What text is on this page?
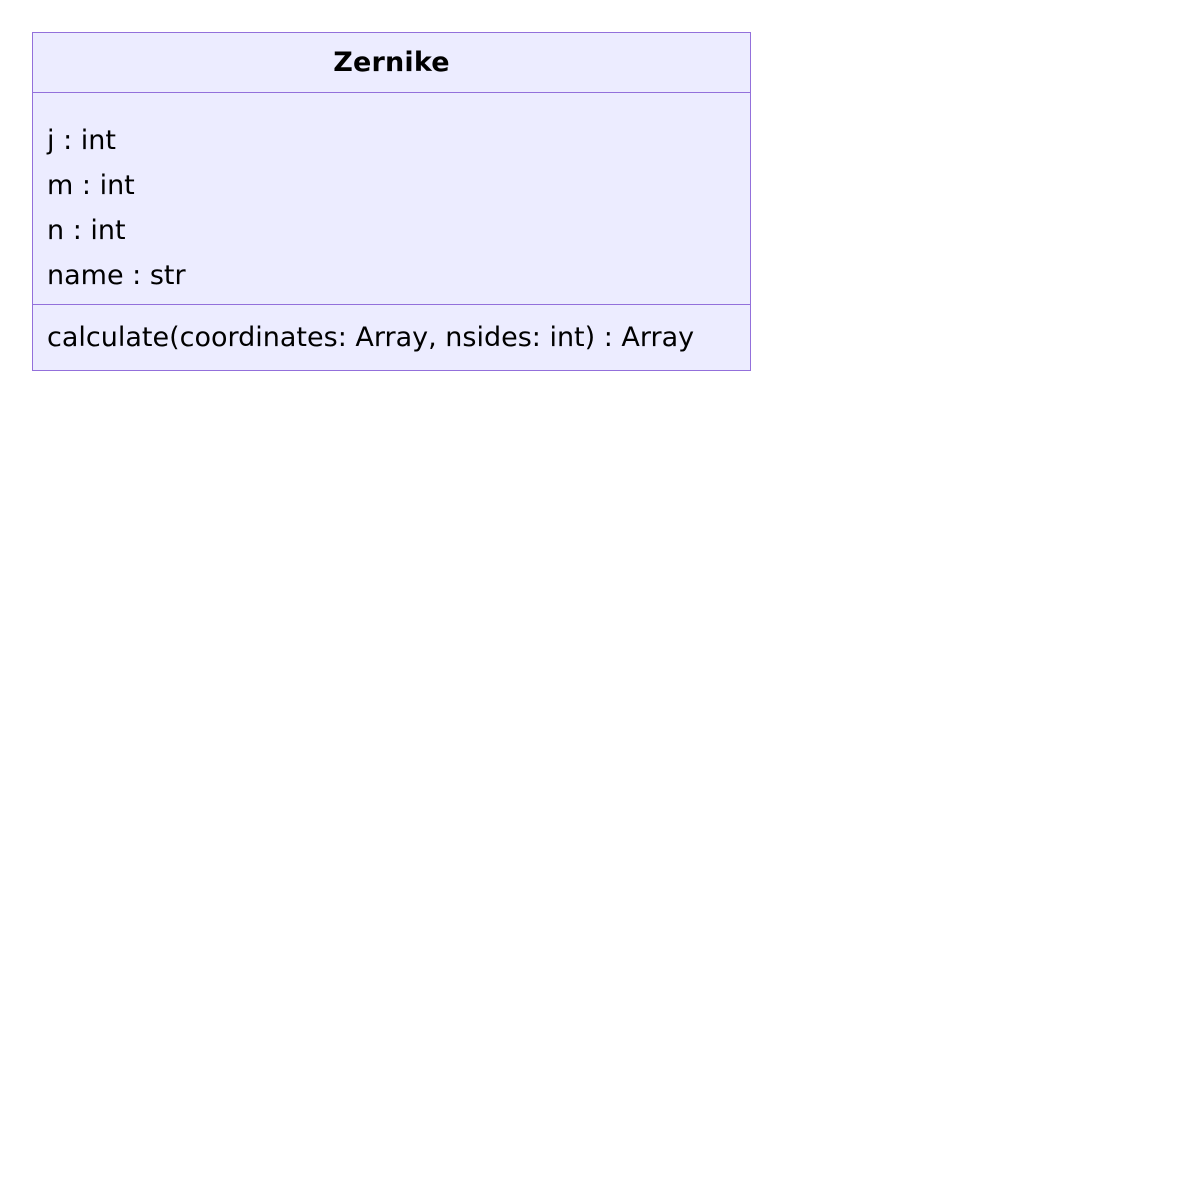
Zernike
j : int
m : int
n : int
name : str
calculate(coordinates: Array, nsides: int) : Array
